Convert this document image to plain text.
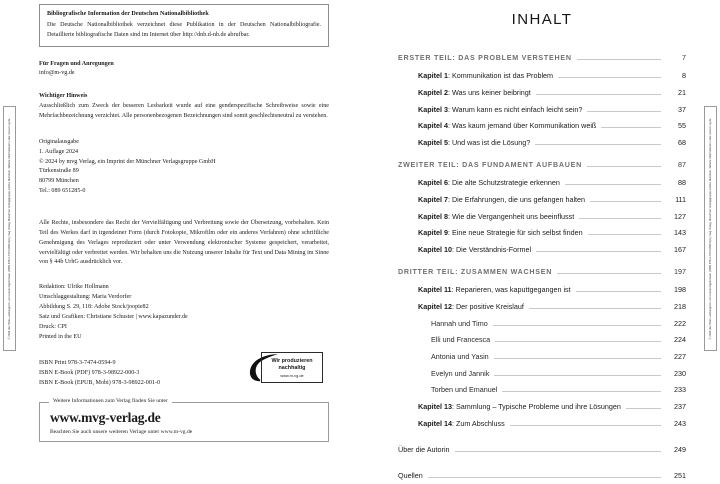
© 2024 des Titels »Gefangen?« von Anouk Algermissen (ISBN 978-3-7474-0594-9) by mvg Verlag, Münchner Verlagsgruppe GmbH, München. Nähere Informationen unter www.m-vg.de
Bibliografische Information der Deutschen Nationalbibliothek
Die Deutsche Nationalbibliothek verzeichnet diese Publikation in der Deutschen Nationalbibliografie. Detaillierte bibliografische Daten sind im Internet über http://dnb.d-nb.de abrufbar.

Für Fragen und Anregungen

info@m-vg.de

Wichtiger Hinweis

Ausschließlich zum Zweck der besseren Lesbarkeit wurde auf eine genderspezifische Schreibweise sowie eine Mehrfachbezeichnung verzichtet. Alle personenbezogenen Bezeichnungen sind somit geschlechtsneutral zu verstehen.

Originalausgabe

1. Auflage 2024

© 2024 by mvg Verlag, ein Imprint der Münchner Verlagsgruppe GmbH

Türkenstraße 89

80799 München

Tel.: 089 651285-0

Alle Rechte, insbesondere das Recht der Vervielfältigung und Verbreitung sowie der Übersetzung, vorbehalten. Kein Teil des Werkes darf in irgendeiner Form (durch Fotokopie, Mikrofilm oder ein anderes Verfahren) ohne schriftliche Genehmigung des Verlages reproduziert oder unter Verwendung elektronischer Systeme gespeichert, verarbeitet, vervielfältigt oder verbreitet werden. Wir behalten uns die Nutzung unserer Inhalte für Text und Data Mining im Sinne von § 44b UrhG ausdrücklich vor.

Redaktion: Ulrike Hollmann

Umschlaggestaltung: Maria Verdorfer

Abbildung S. 29, 118: Adobe Stock/joopie82

Satz und Grafiken: Christiane Schuster | www.kapazunder.de

Druck: CPI

Printed in the EU

ISBN Print 978-3-7474-0594-9

ISBN E-Book (PDF) 978-3-98922-000-3

ISBN E-Book (EPUB, Mobi) 978-3-98922-001-0

Wir produzieren
nachhaltig
www.m-vg.de
Weitere Informationen zum Verlag finden Sie unter
www.mvg-verlag.de
Beachten Sie auch unsere weiteren Verlage unter www.m-vg.de
© 2024 des Titels »Gefangen?« von Anouk Algermissen (ISBN 978-3-7474-0594-9) by mvg Verlag, Münchner Verlagsgruppe GmbH, München. Nähere Informationen unter www.m-vg.de
INHALT
ERSTER TEIL: DAS PROBLEM VERSTEHEN	7
Kapitel 1: Kommunikation ist das Problem	8
Kapitel 2: Was uns keiner beibringt	21
Kapitel 3: Warum kann es nicht einfach leicht sein?	37
Kapitel 4: Was kaum jemand über Kommunikation weiß	55
Kapitel 5: Und was ist die Lösung?	68
ZWEITER TEIL: DAS FUNDAMENT AUFBAUEN	87
Kapitel 6: Die alte Schutzstrategie erkennen	88
Kapitel 7: Die Erfahrungen, die uns gefangen halten	111
Kapitel 8: Wie die Vergangenheit uns beeinflusst	127
Kapitel 9: Eine neue Strategie für sich selbst finden	143
Kapitel 10: Die Verständnis-Formel	167
DRITTER TEIL: ZUSAMMEN WACHSEN	197
Kapitel 11: Reparieren, was kaputtgegangen ist	198
Kapitel 12: Der positive Kreislauf	218
Hannah und Timo	222
Elli und Francesca	224
Antonia und Yasin	227
Evelyn und Jannik	230
Torben und Emanuel	233
Kapitel 13: Sammlung – Typische Probleme und ihre Lösungen	237
Kapitel 14: Zum Abschluss	243
Über die Autorin	249
Quellen	251
